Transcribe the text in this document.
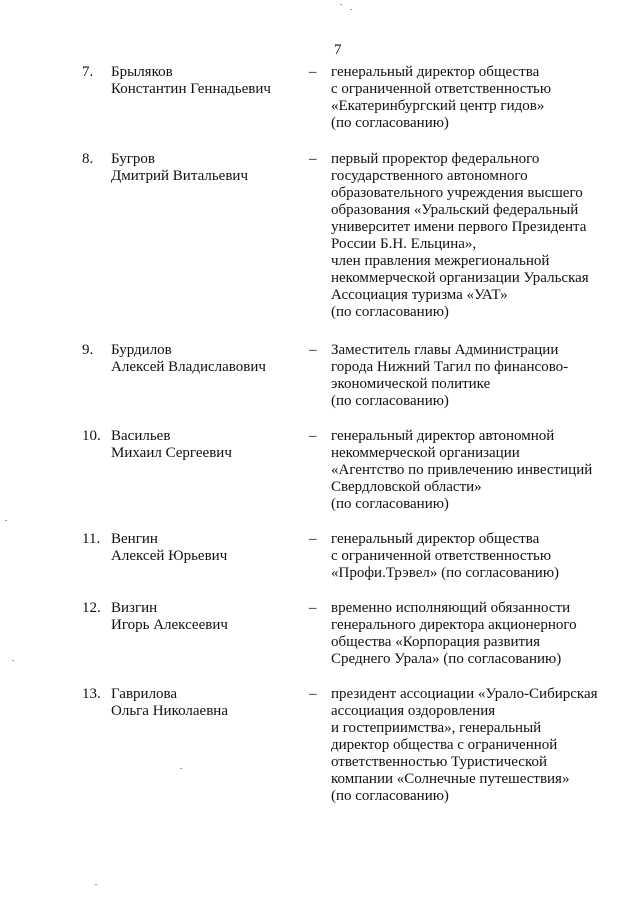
7
7. Брыляков
Константин Геннадьевич
– генеральный директор общества
с ограниченной ответственностью
«Екатеринбургский центр гидов»
(по согласованию)
8. Бугров
Дмитрий Витальевич
– первый проректор федерального
государственного автономного
образовательного учреждения высшего
образования «Уральский федеральный
университет имени первого Президента
России Б.Н. Ельцина»,
член правления межрегиональной
некоммерческой организации Уральская
Ассоциация туризма «УАТ»
(по согласованию)
9. Бурдилов
Алексей Владиславович
– Заместитель главы Администрации
города Нижний Тагил по финансово-
экономической политике
(по согласованию)
10. Васильев
Михаил Сергеевич
– генеральный директор автономной
некоммерческой организации
«Агентство по привлечению инвестиций
Свердловской области»
(по согласованию)
11. Венгин
Алексей Юрьевич
– генеральный директор общества
с ограниченной ответственностью
«Профи.Трэвел» (по согласованию)
12. Визгин
Игорь Алексеевич
– временно исполняющий обязанности
генерального директора акционерного
общества «Корпорация развития
Среднего Урала» (по согласованию)
13. Гаврилова
Ольга Николаевна
– президент ассоциации «Урало-Сибирская
ассоциация оздоровления
и гостеприимства», генеральный
директор общества с ограниченной
ответственностью Туристической
компании «Солнечные путешествия»
(по согласованию)
